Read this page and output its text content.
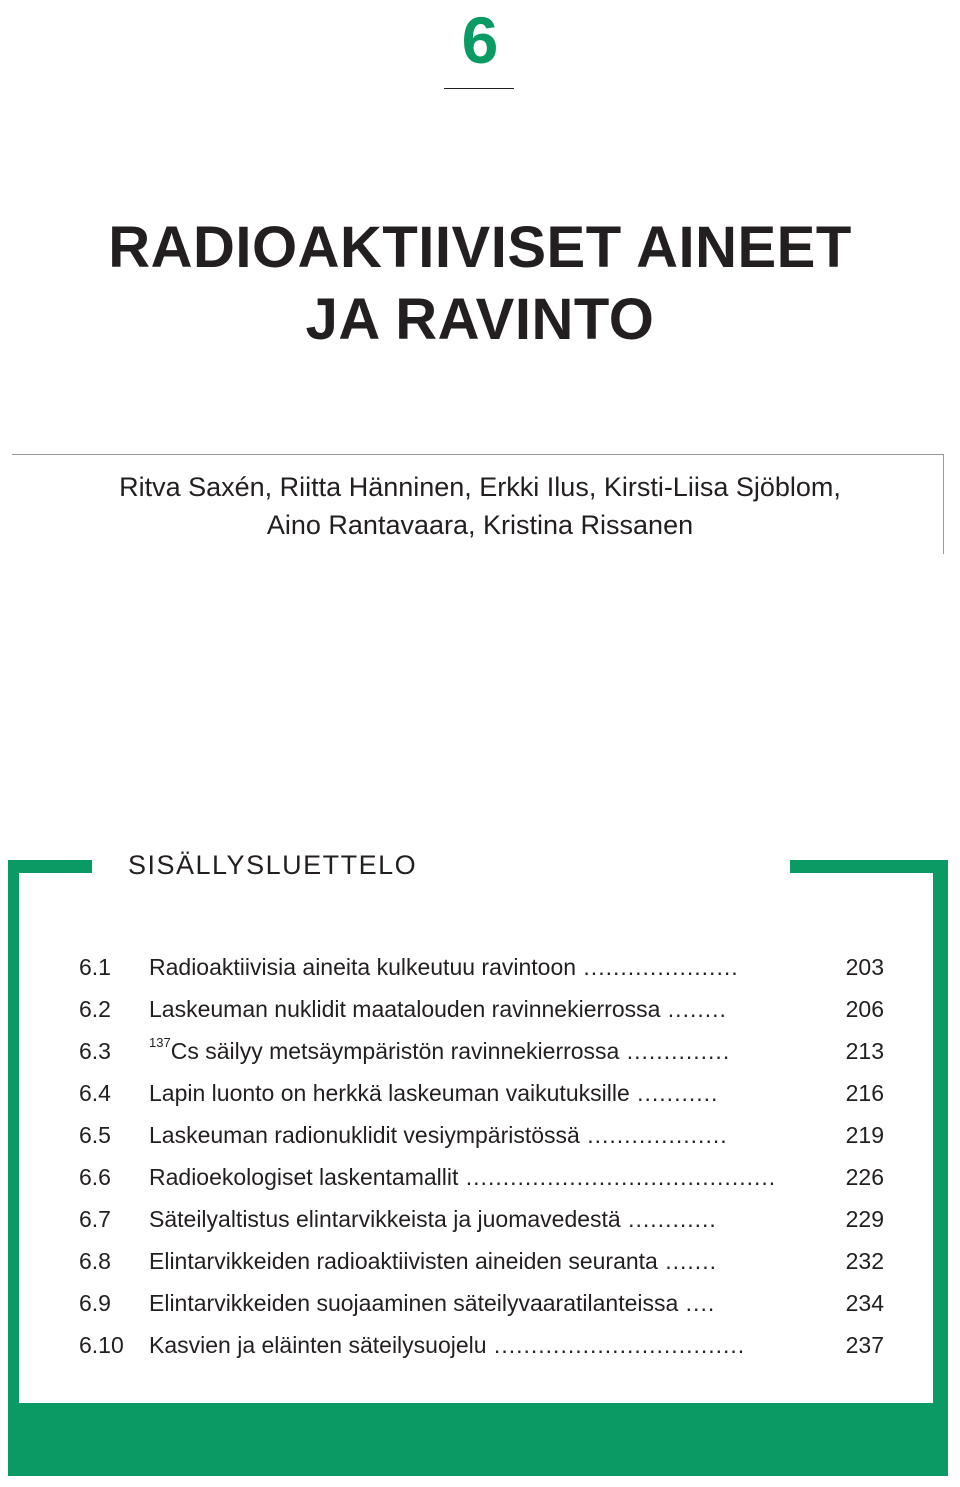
6
RADIOAKTIIVISET AINEET
JA RAVINTO
Ritva Saxén, Riitta Hänninen, Erkki Ilus, Kirsti-Liisa Sjöblom,
Aino Rantavaara, Kristina Rissanen
SISÄLLYSLUETTELO
6.1 Radioaktiivisia aineita kulkeutuu ravintoon .....................	203
6.2 Laskeuman nuklidit maatalouden ravinnekierrossa ........	206
6.3	$^{137}$Cs säilyy metsäympäristön ravinnekierrossa ..............	213
6.4 Lapin luonto on herkkä laskeuman vaikutuksille ...........	216
6.5 Laskeuman radionuklidit vesiympäristössä ...................	219
6.6 Radioekologiset laskentamallit ..........................................	226
6.7 Säteilyaltistus elintarvikkeista ja juomavedestä ............	229
6.8 Elintarvikkeiden radioaktiivisten aineiden seuranta .......	232
6.9 Elintarvikkeiden suojaaminen säteilyvaaratilanteissa ....	234
6.10 Kasvien ja eläinten säteilysuojelu ..................................	237
